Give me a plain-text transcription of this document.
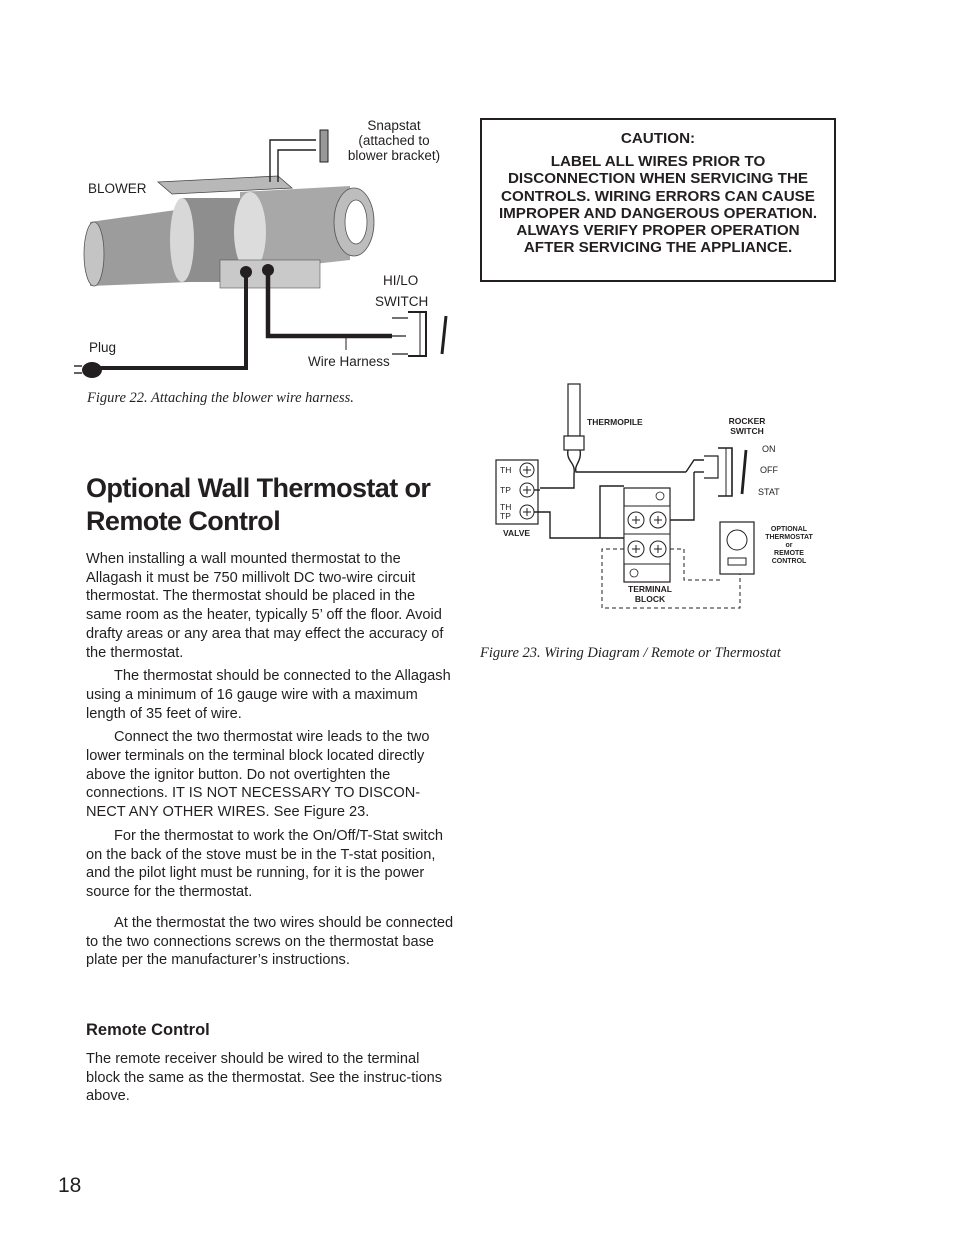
Snapstat
(attached to
blower bracket)
BLOWER
HI/LO
SWITCH
Plug
Wire Harness
Figure 22. Attaching the blower wire harness.
CAUTION:
LABEL ALL WIRES PRIOR TO DISCONNECTION WHEN SERVICING THE CONTROLS. WIRING ERRORS CAN CAUSE IMPROPER AND DANGEROUS OPERATION. ALWAYS VERIFY PROPER OPERATION AFTER SERVICING THE APPLIANCE.
THERMOPILE	ROCKER
SWITCH
ON
OFF
STAT
TH
TP
TH
TP
VALVE
TERMINAL
BLOCK
OPTIONAL
THERMOSTAT
or
REMOTE
CONTROL
Figure 23. Wiring Diagram / Remote or Thermostat
Optional Wall Thermostat or Remote Control

When installing a wall mounted thermostat to the Allagash it must be 750 millivolt DC two-wire circuit thermostat. The thermostat should be placed in the same room as the heater, typically 5’ off the floor. Avoid drafty areas or any area that may effect the accuracy of the thermostat.

The thermostat should be connected to the Allagash using a minimum of 16 gauge wire with a maximum length of 35 feet of wire.

Connect the two thermostat wire leads to the two lower terminals on the terminal block located directly above the ignitor button. Do not overtighten the connections. IT IS NOT NECESSARY TO DISCON-NECT ANY OTHER WIRES. See Figure 23.

For the thermostat to work the On/Off/T-Stat switch on the back of the stove must be in the T-stat position, and the pilot light must be running, for it is the power source for the thermostat.

At the thermostat the two wires should be connected to the two connections screws on the thermostat base plate per the manufacturer’s instructions.

Remote Control

The remote receiver should be wired to the terminal block the same as the thermostat. See the instruc-tions above.

18
